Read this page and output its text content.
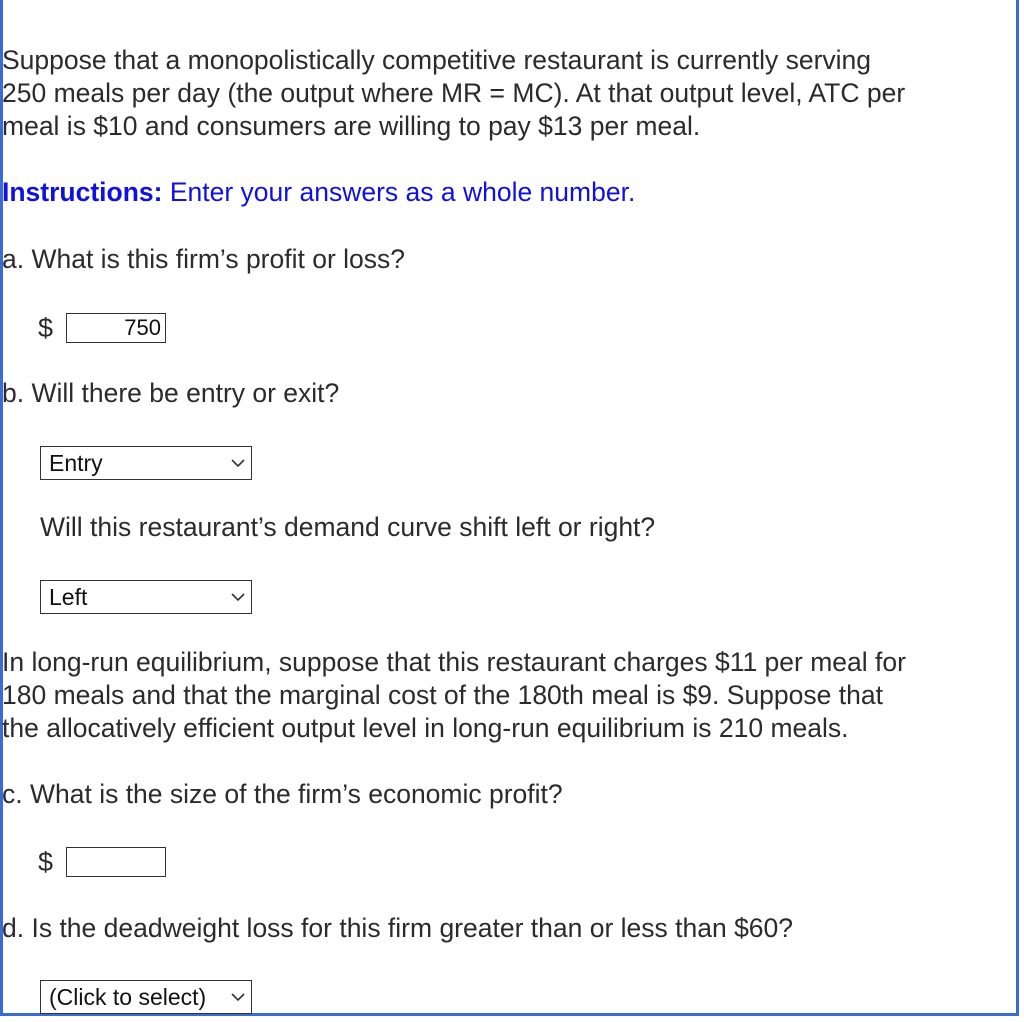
Suppose that a monopolistically competitive restaurant is currently serving
250 meals per day (the output where MR = MC). At that output level, ATC per
meal is $10 and consumers are willing to pay $13 per meal.

Instructions: Enter your answers as a whole number.

a. What is this firm’s profit or loss?

$
750

b. Will there be entry or exit?

Entry

Will this restaurant’s demand curve shift left or right?

Left

In long-run equilibrium, suppose that this restaurant charges $11 per meal for
180 meals and that the marginal cost of the 180th meal is $9. Suppose that
the allocatively efficient output level in long-run equilibrium is 210 meals.

c. What is the size of the firm’s economic profit?

$

d. Is the deadweight loss for this firm greater than or less than $60?

(Click to select)
